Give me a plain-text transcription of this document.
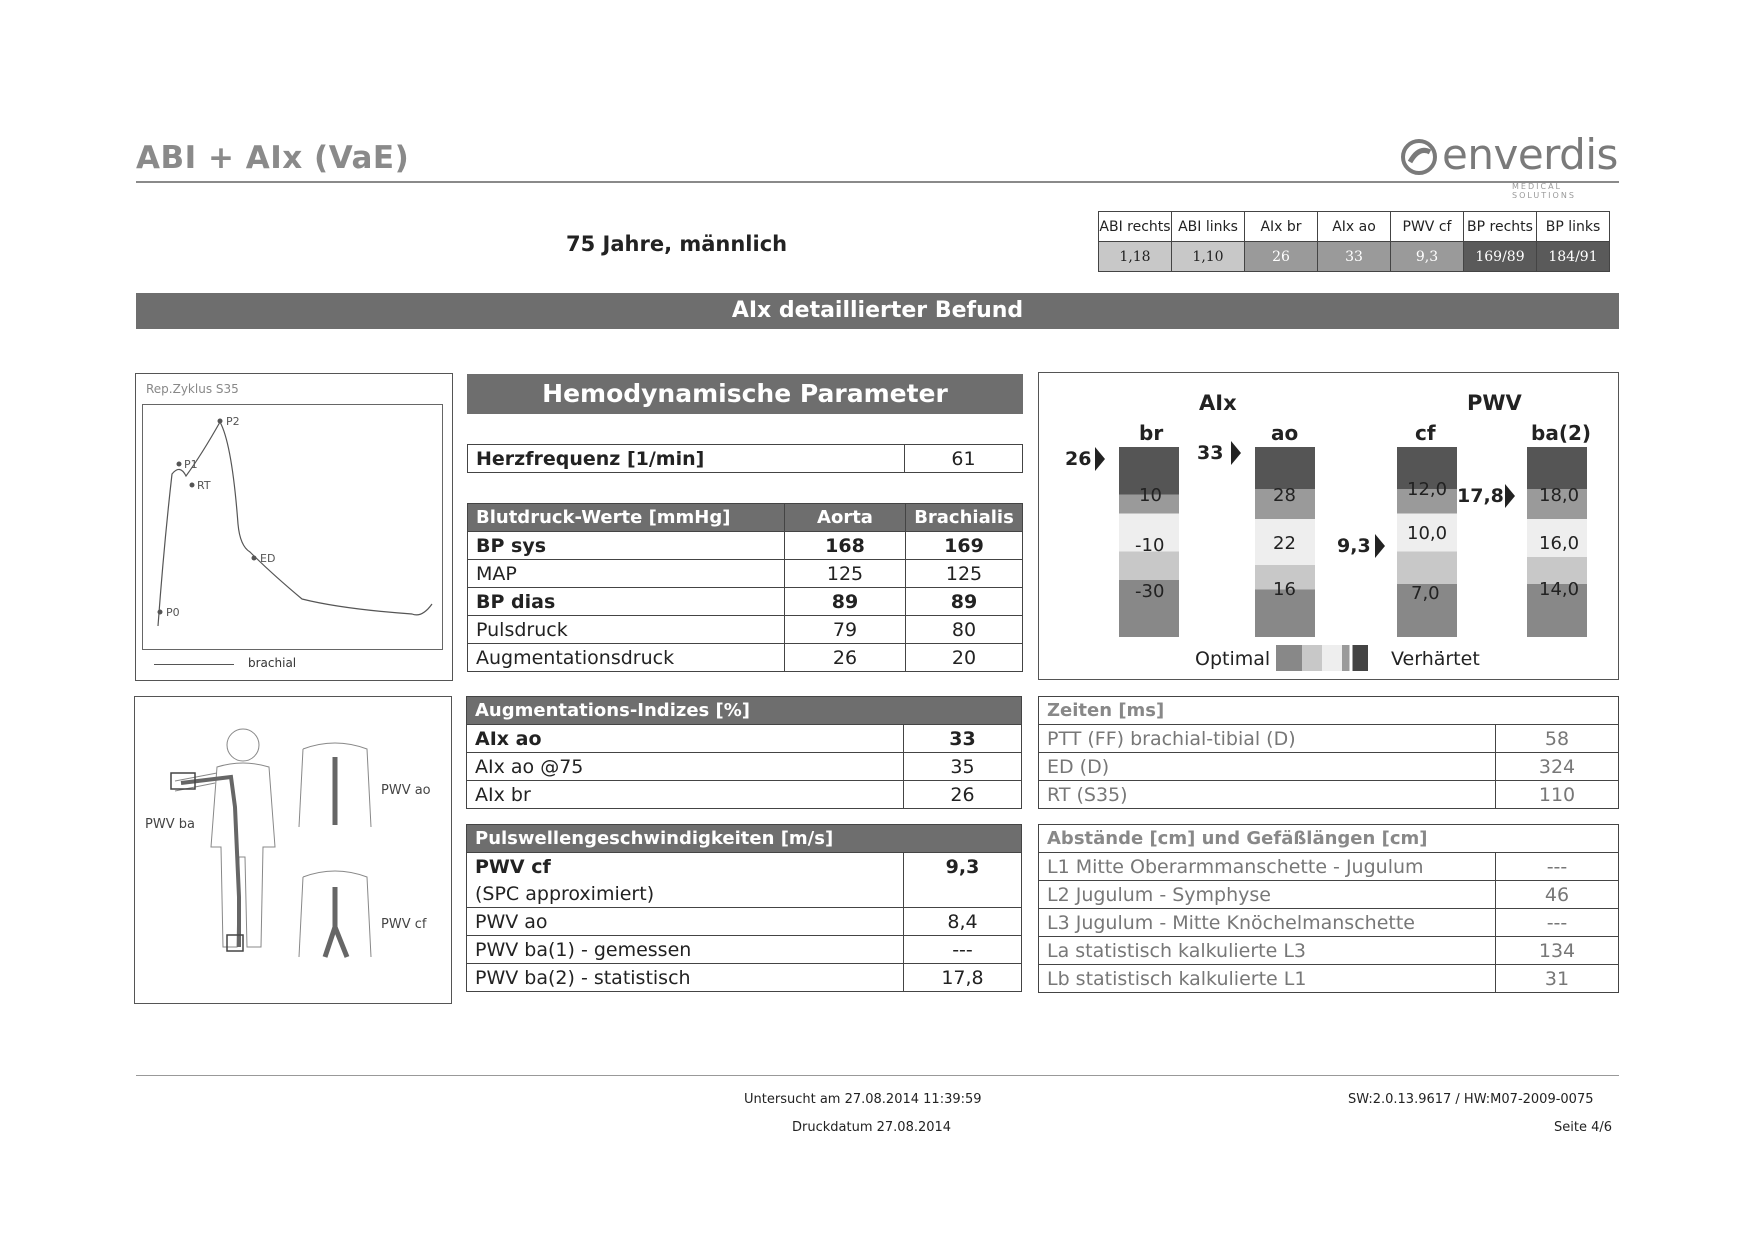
ABI + AIx (VaE)	enverdis
MEDICAL SOLUTIONS
75 Jahre, männlich
ABI rechts	ABI links	AIx br	AIx ao	PWV cf	BP rechts	BP links
1,18	1,10	26	33	9,3	169/89	184/91
AIx detaillierter Befund
Rep.Zyklus S35
P2
P1
RT
ED
P0
brachial
Hemodynamische Parameter
Herzfrequenz [1/min]	61
Blutdruck-Werte [mmHg]	Aorta	Brachialis
BP sys	168	169
MAP	125	125
BP dias	89	89
Pulsdruck	79	80
Augmentationsdruck	26	20
AIx	PWV
br
26
10
-10
-30
ao
33
28
22
16
cf
9,3
12,0
10,0
7,0
ba(2)
17,8 18,0
16,0
14,0
Optimal	Verhärtet
PWV ba
PWV ao
PWV cf
Augmentations-Indizes [%]	
AIx ao	33
AIx ao @75	35
AIx br	26
Pulswellengeschwindigkeiten [m/s]	
PWV cf	9,3
(SPC approximiert)	
PWV ao	8,4
PWV ba(1) - gemessen	---
PWV ba(2) - statistisch	17,8
Zeiten [ms]	
PTT (FF) brachial-tibial (D)	58
ED (D)	324
RT (S35)	110
Abstände [cm] und Gefäßlängen [cm]	
L1 Mitte Oberarmmanschette - Jugulum	---
L2 Jugulum - Symphyse	46
L3 Jugulum - Mitte Knöchelmanschette	---
La statistisch kalkulierte L3	134
Lb statistisch kalkulierte L1	31
Untersucht am 27.08.2014 11:39:59
Druckdatum 27.08.2014
SW:2.0.13.9617 / HW:M07-2009-0075
Seite 4/6
